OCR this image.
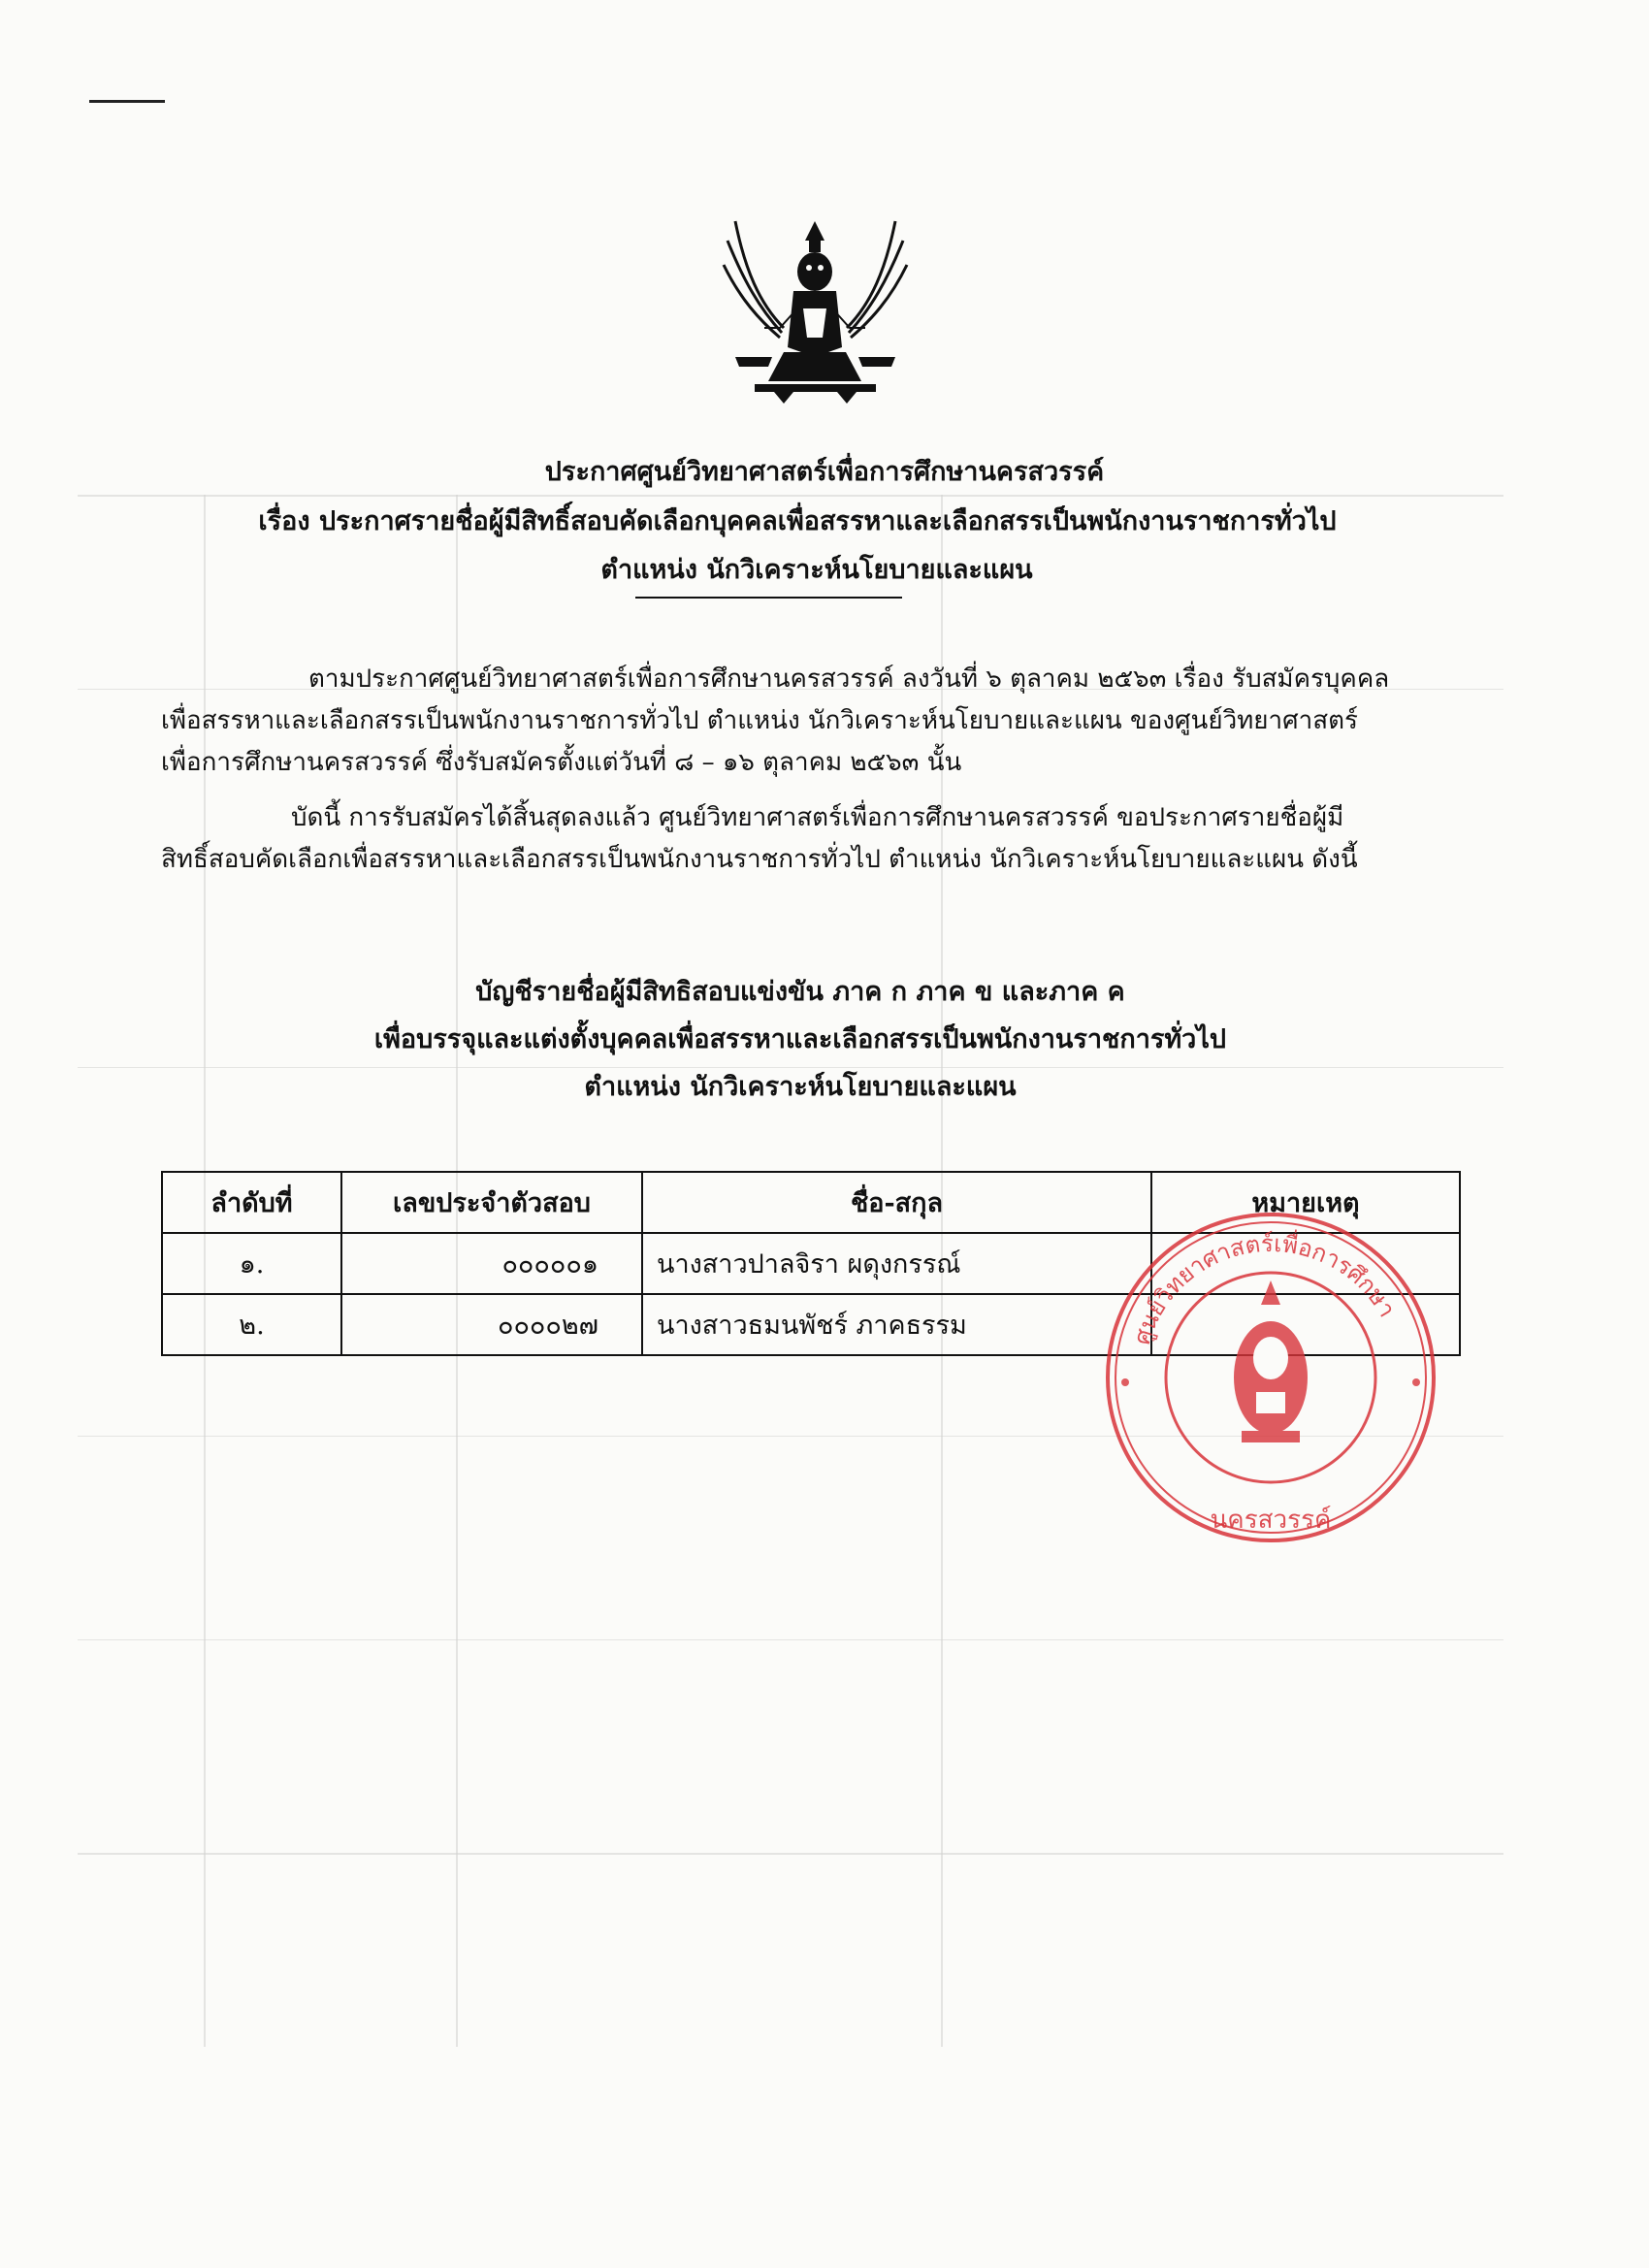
ประกาศศูนย์วิทยาศาสตร์เพื่อการศึกษานครสวรรค์
เรื่อง ประกาศรายชื่อผู้มีสิทธิ์สอบคัดเลือกบุคคลเพื่อสรรหาและเลือกสรรเป็นพนักงานราชการทั่วไป
ตำแหน่ง นักวิเคราะห์นโยบายและแผน
ตามประกาศศูนย์วิทยาศาสตร์เพื่อการศึกษานครสวรรค์ ลงวันที่ ๖ ตุลาคม ๒๕๖๓ เรื่อง รับสมัครบุคคล
เพื่อสรรหาและเลือกสรรเป็นพนักงานราชการทั่วไป ตำแหน่ง นักวิเคราะห์นโยบายและแผน ของศูนย์วิทยาศาสตร์
เพื่อการศึกษานครสวรรค์ ซึ่งรับสมัครตั้งแต่วันที่ ๘ – ๑๖ ตุลาคม ๒๕๖๓ นั้น
บัดนี้ การรับสมัครได้สิ้นสุดลงแล้ว ศูนย์วิทยาศาสตร์เพื่อการศึกษานครสวรรค์ ขอประกาศรายชื่อผู้มี
สิทธิ์สอบคัดเลือกเพื่อสรรหาและเลือกสรรเป็นพนักงานราชการทั่วไป ตำแหน่ง นักวิเคราะห์นโยบายและแผน ดังนี้
บัญชีรายชื่อผู้มีสิทธิสอบแข่งขัน ภาค ก ภาค ข และภาค ค
เพื่อบรรจุและแต่งตั้งบุคคลเพื่อสรรหาและเลือกสรรเป็นพนักงานราชการทั่วไป
ตำแหน่ง นักวิเคราะห์นโยบายและแผน
ลำดับที่	เลขประจำตัวสอบ	ชื่อ-สกุล	หมายเหตุ
๑.	๐๐๐๐๐๑	นางสาวปาลจิรา ผดุงกรรณ์	
๒.	๐๐๐๐๒๗	นางสาวธมนพัชร์ ภาคธรรม		ศูนย์วิทยาศาสตร์เพื่อการศึกษา
นครสวรรค์
